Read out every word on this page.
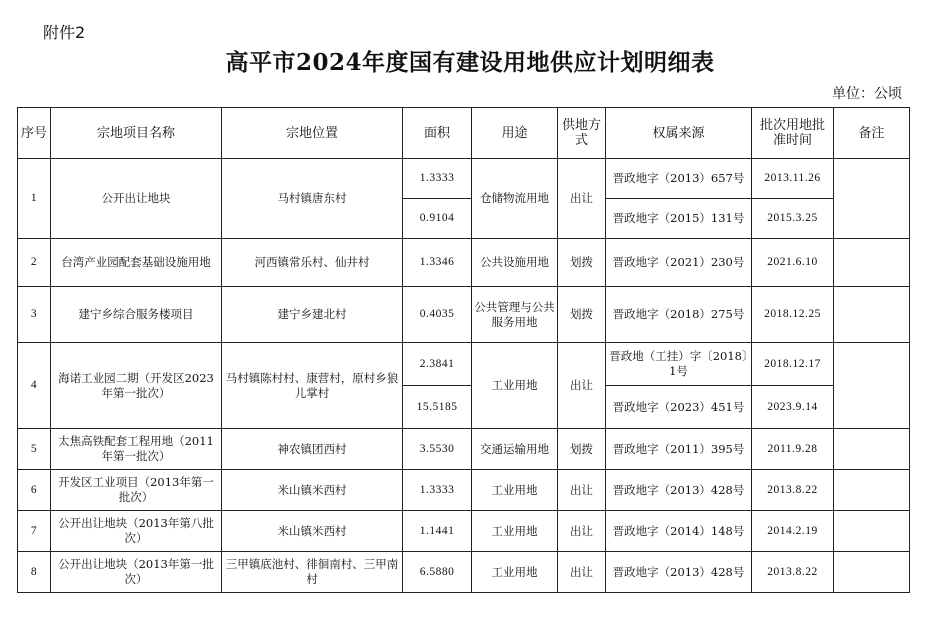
附件2
高平市2024年度国有建设用地供应计划明细表
单位：公顷
序号	宗地项目名称	宗地位置	面积	用途	供地方式	权属来源	批次用地批准时间	备注
1	公开出让地块	马村镇唐东村	1.3333	仓储物流用地	出让	晋政地字（2013）657号	2013.11.26	
			0.9104			晋政地字（2015）131号	2015.3.25	
2	台湾产业园配套基础设施用地	河西镇常乐村、仙井村	1.3346	公共设施用地	划拨	晋政地字（2021）230号	2021.6.10	
3	建宁乡综合服务楼项目	建宁乡建北村	0.4035	公共管理与公共服务用地	划拨	晋政地字（2018）275号	2018.12.25	
4	海诺工业园二期（开发区2023年第一批次）	马村镇陈村村、康营村，原村乡狼儿掌村	2.3841	工业用地	出让	晋政地（工挂）字〔2018〕1号	2018.12.17	
			15.5185			晋政地字（2023）451号	2023.9.14	
5	太焦高铁配套工程用地（2011年第一批次）	神农镇团西村	3.5530	交通运输用地	划拨	晋政地字（2011）395号	2011.9.28	
6	开发区工业项目（2013年第一批次）	米山镇米西村	1.3333	工业用地	出让	晋政地字（2013）428号	2013.8.22	
7	公开出让地块（2013年第八批次）	米山镇米西村	1.1441	工业用地	出让	晋政地字（2014）148号	2014.2.19	
8	公开出让地块（2013年第一批次）	三甲镇底池村、徘徊南村、三甲南村	6.5880	工业用地	出让	晋政地字（2013）428号	2013.8.22	
